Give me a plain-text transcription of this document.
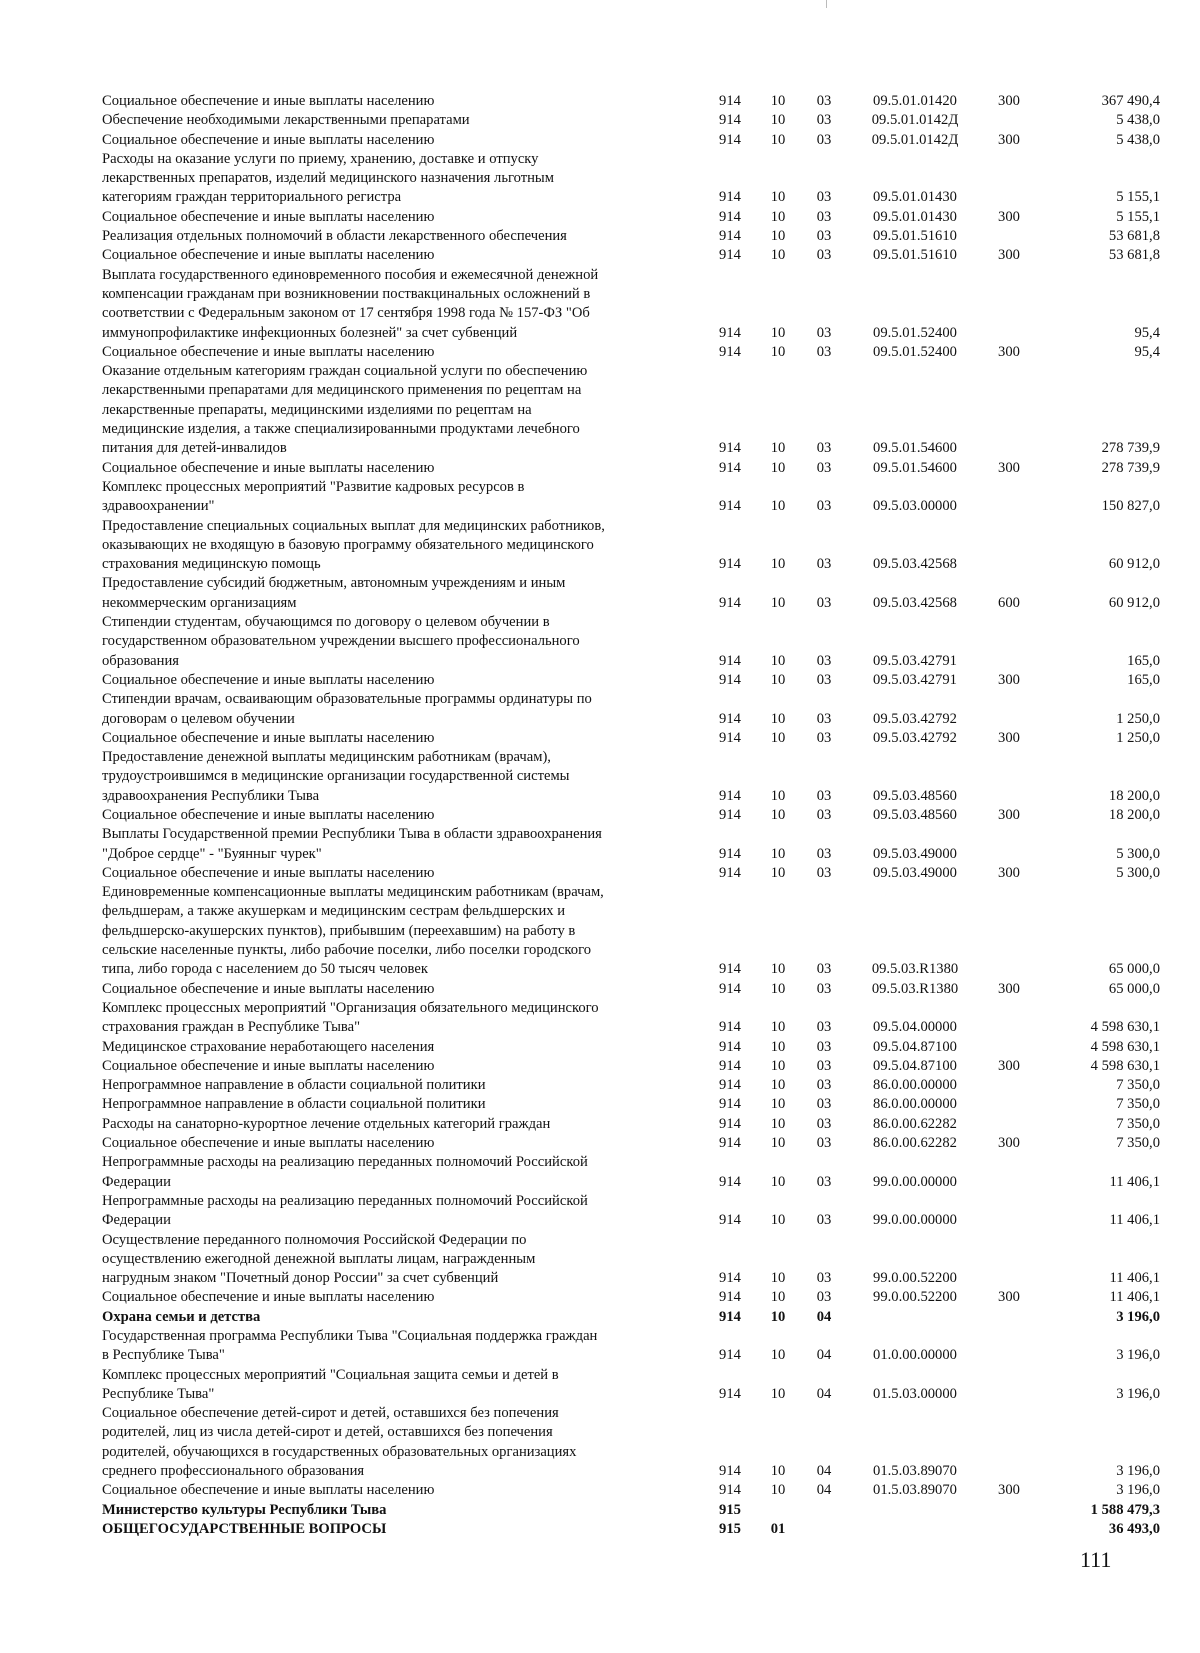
Социальное обеспечение и иные выплаты населению	914	10	03	09.5.01.01420	300	367 490,4
Обеспечение необходимыми лекарственными препаратами	914	10	03	09.5.01.0142Д	5 438,0
Социальное обеспечение и иные выплаты населению	914	10	03	09.5.01.0142Д	300	5 438,0
Расходы на оказание услуги по приему, хранению, доставке и отпуску
лекарственных препаратов, изделий медицинского назначения льготным
категориям граждан территориального регистра	914	10	03	09.5.01.01430	5 155,1
Социальное обеспечение и иные выплаты населению	914	10	03	09.5.01.01430	300	5 155,1
Реализация отдельных полномочий в области лекарственного обеспечения	914	10	03	09.5.01.51610	53 681,8
Социальное обеспечение и иные выплаты населению	914	10	03	09.5.01.51610	300	53 681,8
Выплата государственного единовременного пособия и ежемесячной денежной
компенсации гражданам при возникновении поствакцинальных осложнений в
соответствии с Федеральным законом от 17 сентября 1998 года № 157-ФЗ "Об
иммунопрофилактике инфекционных болезней" за счет субвенций	914	10	03	09.5.01.52400	95,4
Социальное обеспечение и иные выплаты населению	914	10	03	09.5.01.52400	300	95,4
Оказание отдельным категориям граждан социальной услуги по обеспечению
лекарственными препаратами для медицинского применения по рецептам на
лекарственные препараты, медицинскими изделиями по рецептам на
медицинские изделия, а также специализированными продуктами лечебного
питания для детей-инвалидов	914	10	03	09.5.01.54600	278 739,9
Социальное обеспечение и иные выплаты населению	914	10	03	09.5.01.54600	300	278 739,9
Комплекс процессных мероприятий "Развитие кадровых ресурсов в
здравоохранении"	914	10	03	09.5.03.00000	150 827,0
Предоставление специальных социальных выплат для медицинских работников,
оказывающих не входящую в базовую программу обязательного медицинского
страхования медицинскую помощь	914	10	03	09.5.03.42568	60 912,0
Предоставление субсидий бюджетным, автономным учреждениям и иным
некоммерческим организациям	914	10	03	09.5.03.42568	600	60 912,0
Стипендии студентам, обучающимся по договору о целевом обучении в
государственном образовательном учреждении высшего профессионального
образования	914	10	03	09.5.03.42791	165,0
Социальное обеспечение и иные выплаты населению	914	10	03	09.5.03.42791	300	165,0
Стипендии врачам, осваивающим образовательные программы ординатуры по
договорам о целевом обучении	914	10	03	09.5.03.42792	1 250,0
Социальное обеспечение и иные выплаты населению	914	10	03	09.5.03.42792	300	1 250,0
Предоставление денежной выплаты медицинским работникам (врачам),
трудоустроившимся в медицинские организации государственной системы
здравоохранения Республики Тыва	914	10	03	09.5.03.48560	18 200,0
Социальное обеспечение и иные выплаты населению	914	10	03	09.5.03.48560	300	18 200,0
Выплаты Государственной премии Республики Тыва в области здравоохранения
"Доброе сердце" - "Буянныг чурек"	914	10	03	09.5.03.49000	5 300,0
Социальное обеспечение и иные выплаты населению	914	10	03	09.5.03.49000	300	5 300,0
Единовременные компенсационные выплаты медицинским работникам (врачам,
фельдшерам, а также акушеркам и медицинским сестрам фельдшерских и
фельдшерско-акушерских пунктов), прибывшим (переехавшим) на работу в
сельские населенные пункты, либо рабочие поселки, либо поселки городского
типа, либо города с населением до 50 тысяч человек	914	10	03	09.5.03.R1380	65 000,0
Социальное обеспечение и иные выплаты населению	914	10	03	09.5.03.R1380	300	65 000,0
Комплекс процессных мероприятий "Организация обязательного медицинского
страхования граждан в Республике Тыва"	914	10	03	09.5.04.00000	4 598 630,1
Медицинское страхование неработающего населения	914	10	03	09.5.04.87100	4 598 630,1
Социальное обеспечение и иные выплаты населению	914	10	03	09.5.04.87100	300	4 598 630,1
Непрограммное направление в области социальной политики	914	10	03	86.0.00.00000	7 350,0
Непрограммное направление в области социальной политики	914	10	03	86.0.00.00000	7 350,0
Расходы на санаторно-курортное лечение отдельных категорий граждан	914	10	03	86.0.00.62282	7 350,0
Социальное обеспечение и иные выплаты населению	914	10	03	86.0.00.62282	300	7 350,0
Непрограммные расходы на реализацию переданных полномочий Российской
Федерации	914	10	03	99.0.00.00000	11 406,1
Непрограммные расходы на реализацию переданных полномочий Российской
Федерации	914	10	03	99.0.00.00000	11 406,1
Осуществление переданного полномочия Российской Федерации по
осуществлению ежегодной денежной выплаты лицам, награжденным
нагрудным знаком "Почетный донор России" за счет субвенций	914	10	03	99.0.00.52200	11 406,1
Социальное обеспечение и иные выплаты населению	914	10	03	99.0.00.52200	300	11 406,1
Охрана семьи и детства	914	10	04	3 196,0
Государственная программа Республики Тыва "Социальная поддержка граждан
в Республике Тыва"	914	10	04	01.0.00.00000	3 196,0
Комплекс процессных мероприятий "Социальная защита семьи и детей в
Республике Тыва"	914	10	04	01.5.03.00000	3 196,0
Социальное обеспечение детей-сирот и детей, оставшихся без попечения
родителей, лиц из числа детей-сирот и детей, оставшихся без попечения
родителей, обучающихся в государственных образовательных организациях
среднего профессионального образования	914	10	04	01.5.03.89070	3 196,0
Социальное обеспечение и иные выплаты населению	914	10	04	01.5.03.89070	300	3 196,0
Министерство культуры Республики Тыва	915	1 588 479,3
ОБЩЕГОСУДАРСТВЕННЫЕ ВОПРОСЫ	915	01	36 493,0
111
